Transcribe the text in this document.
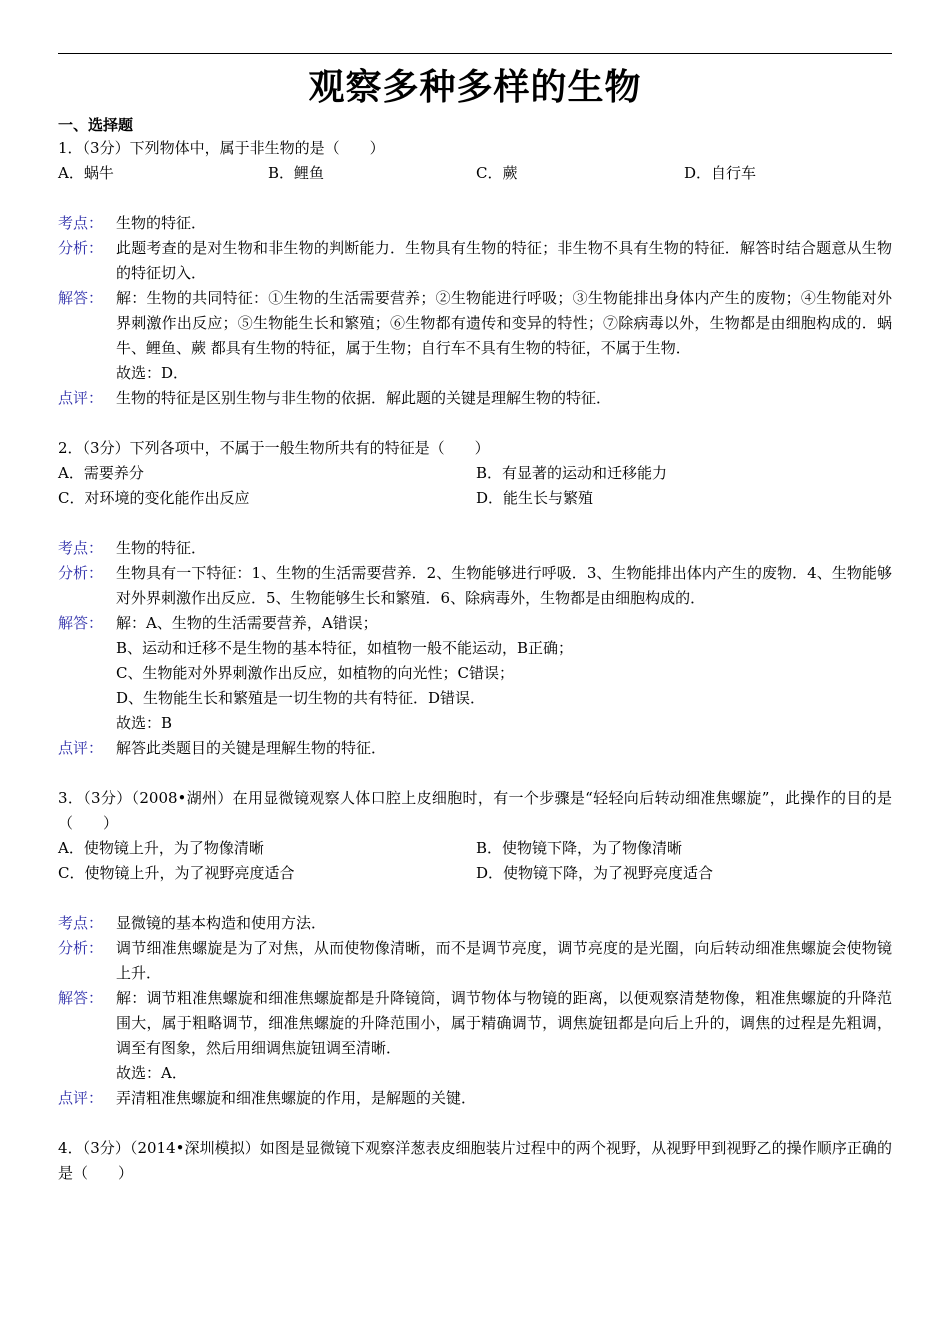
观察多种多样的生物
一、选择题
1．（3分）下列物体中，属于非生物的是（　　）
A．蜗牛	B．鲤鱼	C．蕨	D．自行车
考点： 生物的特征．
分析： 此题考查的是对生物和非生物的判断能力．生物具有生物的特征；非生物不具有生物的特征．解答时结合题意从生物的特征切入．
解答： 解：生物的共同特征：①生物的生活需要营养；②生物能进行呼吸；③生物能排出身体内产生的废物；④生物能对外界刺激作出反应；⑤生物能生长和繁殖；⑥生物都有遗传和变异的特性；⑦除病毒以外，生物都是由细胞构成的．蜗牛、鲤鱼、蕨 都具有生物的特征，属于生物；自行车不具有生物的特征，不属于生物．
故选：D．
点评： 生物的特征是区别生物与非生物的依据．解此题的关键是理解生物的特征．
2．（3分）下列各项中，不属于一般生物所共有的特征是（　　）
A．需要养分	B．有显著的运动和迁移能力
C．对环境的变化能作出反应	D．能生长与繁殖
考点： 生物的特征．
分析： 生物具有一下特征：1、生物的生活需要营养．2、生物能够进行呼吸．3、生物能排出体内产生的废物．4、生物能够对外界刺激作出反应．5、生物能够生长和繁殖．6、除病毒外，生物都是由细胞构成的．
解答： 解：A、生物的生活需要营养，A错误；
B、运动和迁移不是生物的基本特征，如植物一般不能运动，B正确；
C、生物能对外界刺激作出反应，如植物的向光性；C错误；
D、生物能生长和繁殖是一切生物的共有特征．D错误．
故选：B
点评： 解答此类题目的关键是理解生物的特征．
3．（3分）（2008•湖州）在用显微镜观察人体口腔上皮细胞时，有一个步骤是“轻轻向后转动细准焦螺旋”，此操作的目的是（　　）
A．使物镜上升，为了物像清晰	B．使物镜下降，为了物像清晰
C．使物镜上升，为了视野亮度适合	D．使物镜下降，为了视野亮度适合
考点： 显微镜的基本构造和使用方法．
分析： 调节细准焦螺旋是为了对焦，从而使物像清晰，而不是调节亮度，调节亮度的是光圈，向后转动细准焦螺旋会使物镜上升．
解答： 解：调节粗准焦螺旋和细准焦螺旋都是升降镜筒，调节物体与物镜的距离，以便观察清楚物像，粗准焦螺旋的升降范围大，属于粗略调节，细准焦螺旋的升降范围小，属于精确调节，调焦旋钮都是向后上升的，调焦的过程是先粗调，调至有图象，然后用细调焦旋钮调至清晰．
故选：A．
点评： 弄清粗准焦螺旋和细准焦螺旋的作用，是解题的关键．
4．（3分）（2014•深圳模拟）如图是显微镜下观察洋葱表皮细胞装片过程中的两个视野，从视野甲到视野乙的操作顺序正确的是（　　）
